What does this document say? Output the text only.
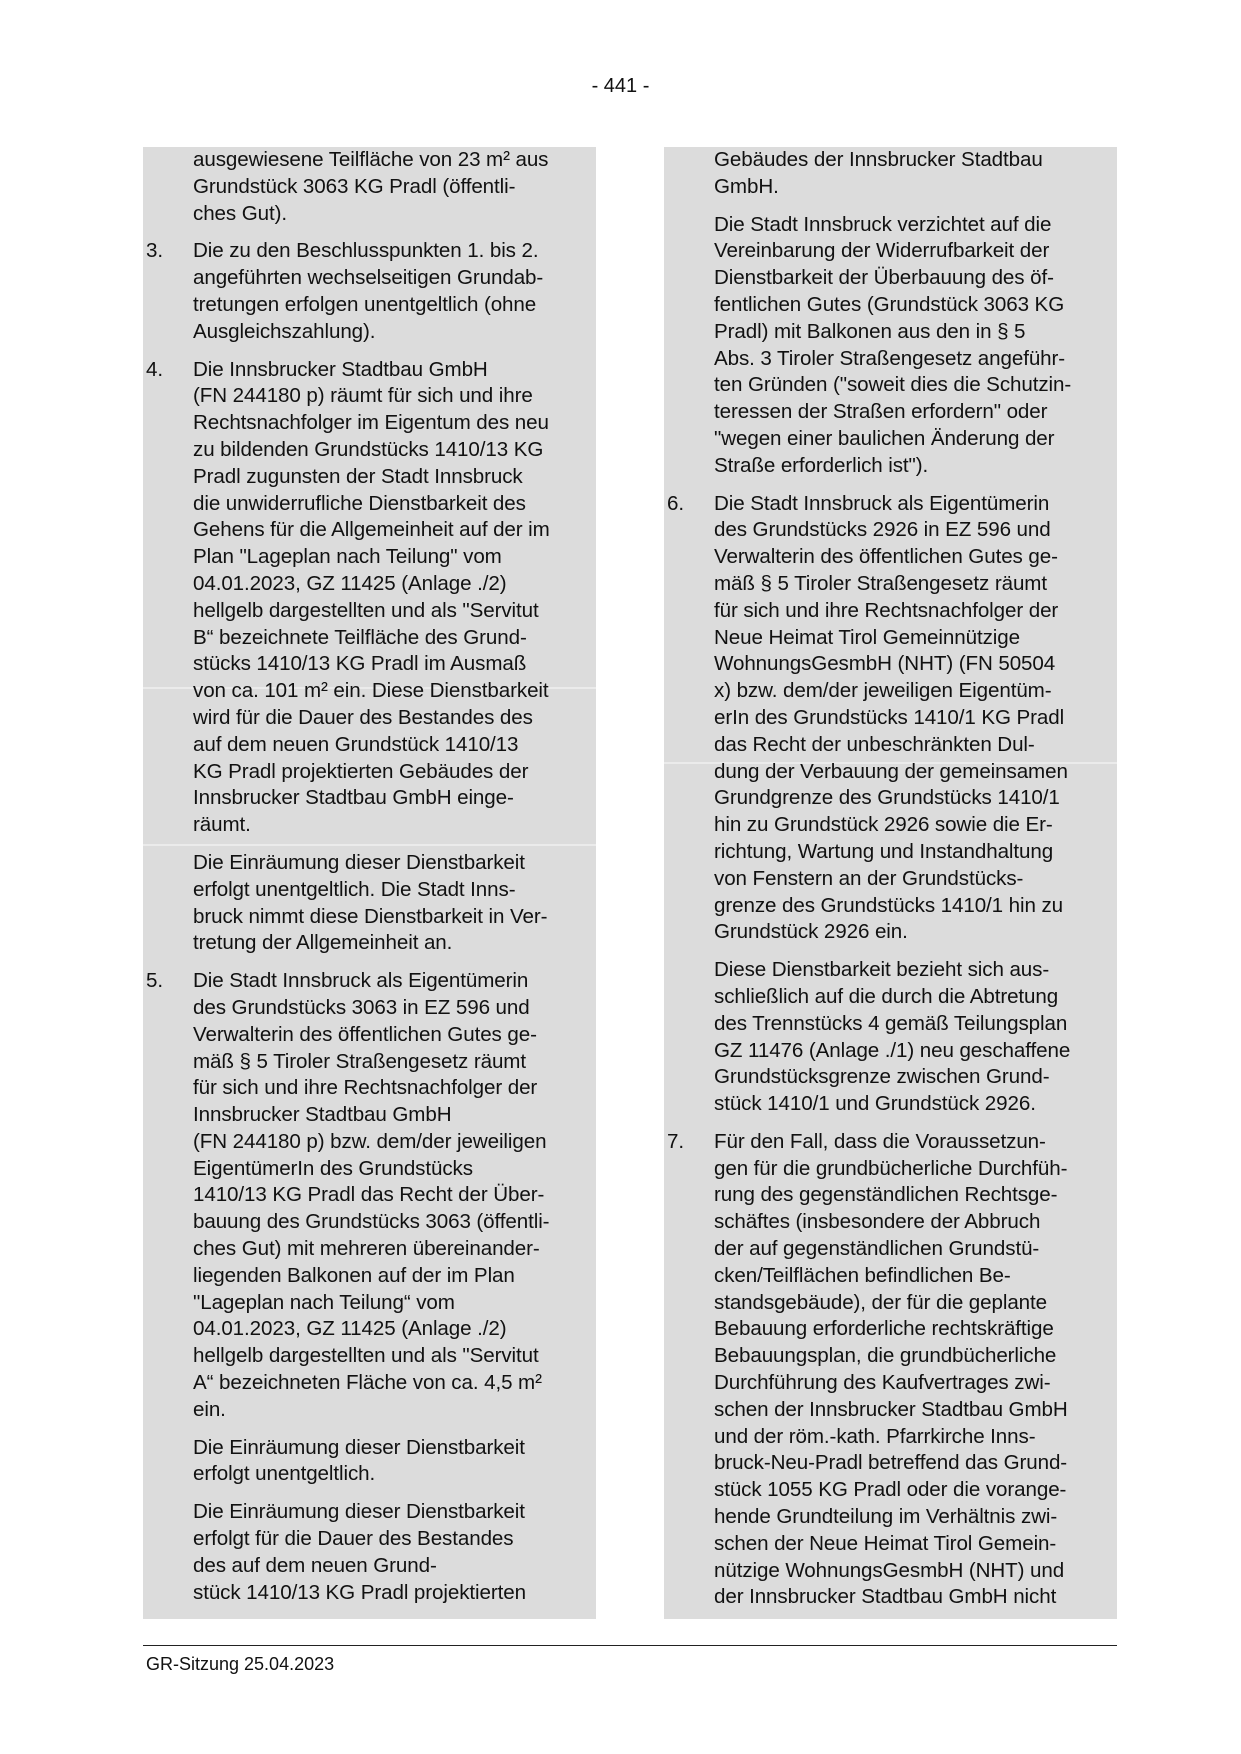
- 441 -
ausgewiesene Teilfläche von 23 m² aus
Grundstück 3063 KG Pradl (öffentli-
ches Gut).
3. Die zu den Beschlusspunkten 1. bis 2.
angeführten wechselseitigen Grundab-
tretungen erfolgen unentgeltlich (ohne
Ausgleichszahlung).
4. Die Innsbrucker Stadtbau GmbH
(FN 244180 p) räumt für sich und ihre
Rechtsnachfolger im Eigentum des neu
zu bildenden Grundstücks 1410/13 KG
Pradl zugunsten der Stadt Innsbruck
die unwiderrufliche Dienstbarkeit des
Gehens für die Allgemeinheit auf der im
Plan "Lageplan nach Teilung" vom
04.01.2023, GZ 11425 (Anlage ./2)
hellgelb dargestellten und als "Servitut
B“ bezeichnete Teilfläche des Grund-
stücks 1410/13 KG Pradl im Ausmaß
von ca. 101 m² ein. Diese Dienstbarkeit
wird für die Dauer des Bestandes des
auf dem neuen Grundstück 1410/13
KG Pradl projektierten Gebäudes der
Innsbrucker Stadtbau GmbH einge-
räumt.
Die Einräumung dieser Dienstbarkeit
erfolgt unentgeltlich. Die Stadt Inns-
bruck nimmt diese Dienstbarkeit in Ver-
tretung der Allgemeinheit an.
5. Die Stadt Innsbruck als Eigentümerin
des Grundstücks 3063 in EZ 596 und
Verwalterin des öffentlichen Gutes ge-
mäß § 5 Tiroler Straßengesetz räumt
für sich und ihre Rechtsnachfolger der
Innsbrucker Stadtbau GmbH
(FN 244180 p) bzw. dem/der jeweiligen
EigentümerIn des Grundstücks
1410/13 KG Pradl das Recht der Über-
bauung des Grundstücks 3063 (öffentli-
ches Gut) mit mehreren übereinander-
liegenden Balkonen auf der im Plan
"Lageplan nach Teilung“ vom
04.01.2023, GZ 11425 (Anlage ./2)
hellgelb dargestellten und als "Servitut
A“ bezeichneten Fläche von ca. 4,5 m²
ein.
Die Einräumung dieser Dienstbarkeit
erfolgt unentgeltlich.
Die Einräumung dieser Dienstbarkeit
erfolgt für die Dauer des Bestandes
des auf dem neuen Grund-
stück 1410/13 KG Pradl projektierten
Gebäudes der Innsbrucker Stadtbau
GmbH.
Die Stadt Innsbruck verzichtet auf die
Vereinbarung der Widerrufbarkeit der
Dienstbarkeit der Überbauung des öf-
fentlichen Gutes (Grundstück 3063 KG
Pradl) mit Balkonen aus den in § 5
Abs. 3 Tiroler Straßengesetz angeführ-
ten Gründen ("soweit dies die Schutzin-
teressen der Straßen erfordern" oder
"wegen einer baulichen Änderung der
Straße erforderlich ist").
6. Die Stadt Innsbruck als Eigentümerin
des Grundstücks 2926 in EZ 596 und
Verwalterin des öffentlichen Gutes ge-
mäß § 5 Tiroler Straßengesetz räumt
für sich und ihre Rechtsnachfolger der
Neue Heimat Tirol Gemeinnützige
WohnungsGesmbH (NHT) (FN 50504
x) bzw. dem/der jeweiligen Eigentüm-
erIn des Grundstücks 1410/1 KG Pradl
das Recht der unbeschränkten Dul-
dung der Verbauung der gemeinsamen
Grundgrenze des Grundstücks 1410/1
hin zu Grundstück 2926 sowie die Er-
richtung, Wartung und Instandhaltung
von Fenstern an der Grundstücks-
grenze des Grundstücks 1410/1 hin zu
Grundstück 2926 ein.
Diese Dienstbarkeit bezieht sich aus-
schließlich auf die durch die Abtretung
des Trennstücks 4 gemäß Teilungsplan
GZ 11476 (Anlage ./1) neu geschaffene
Grundstücksgrenze zwischen Grund-
stück 1410/1 und Grundstück 2926.
7. Für den Fall, dass die Voraussetzun-
gen für die grundbücherliche Durchfüh-
rung des gegenständlichen Rechtsge-
schäftes (insbesondere der Abbruch
der auf gegenständlichen Grundstü-
cken/Teilflächen befindlichen Be-
standsgebäude), der für die geplante
Bebauung erforderliche rechtskräftige
Bebauungsplan, die grundbücherliche
Durchführung des Kaufvertrages zwi-
schen der Innsbrucker Stadtbau GmbH
und der röm.-kath. Pfarrkirche Inns-
bruck-Neu-Pradl betreffend das Grund-
stück 1055 KG Pradl oder die vorange-
hende Grundteilung im Verhältnis zwi-
schen der Neue Heimat Tirol Gemein-
nützige WohnungsGesmbH (NHT) und
der Innsbrucker Stadtbau GmbH nicht
GR-Sitzung 25.04.2023
